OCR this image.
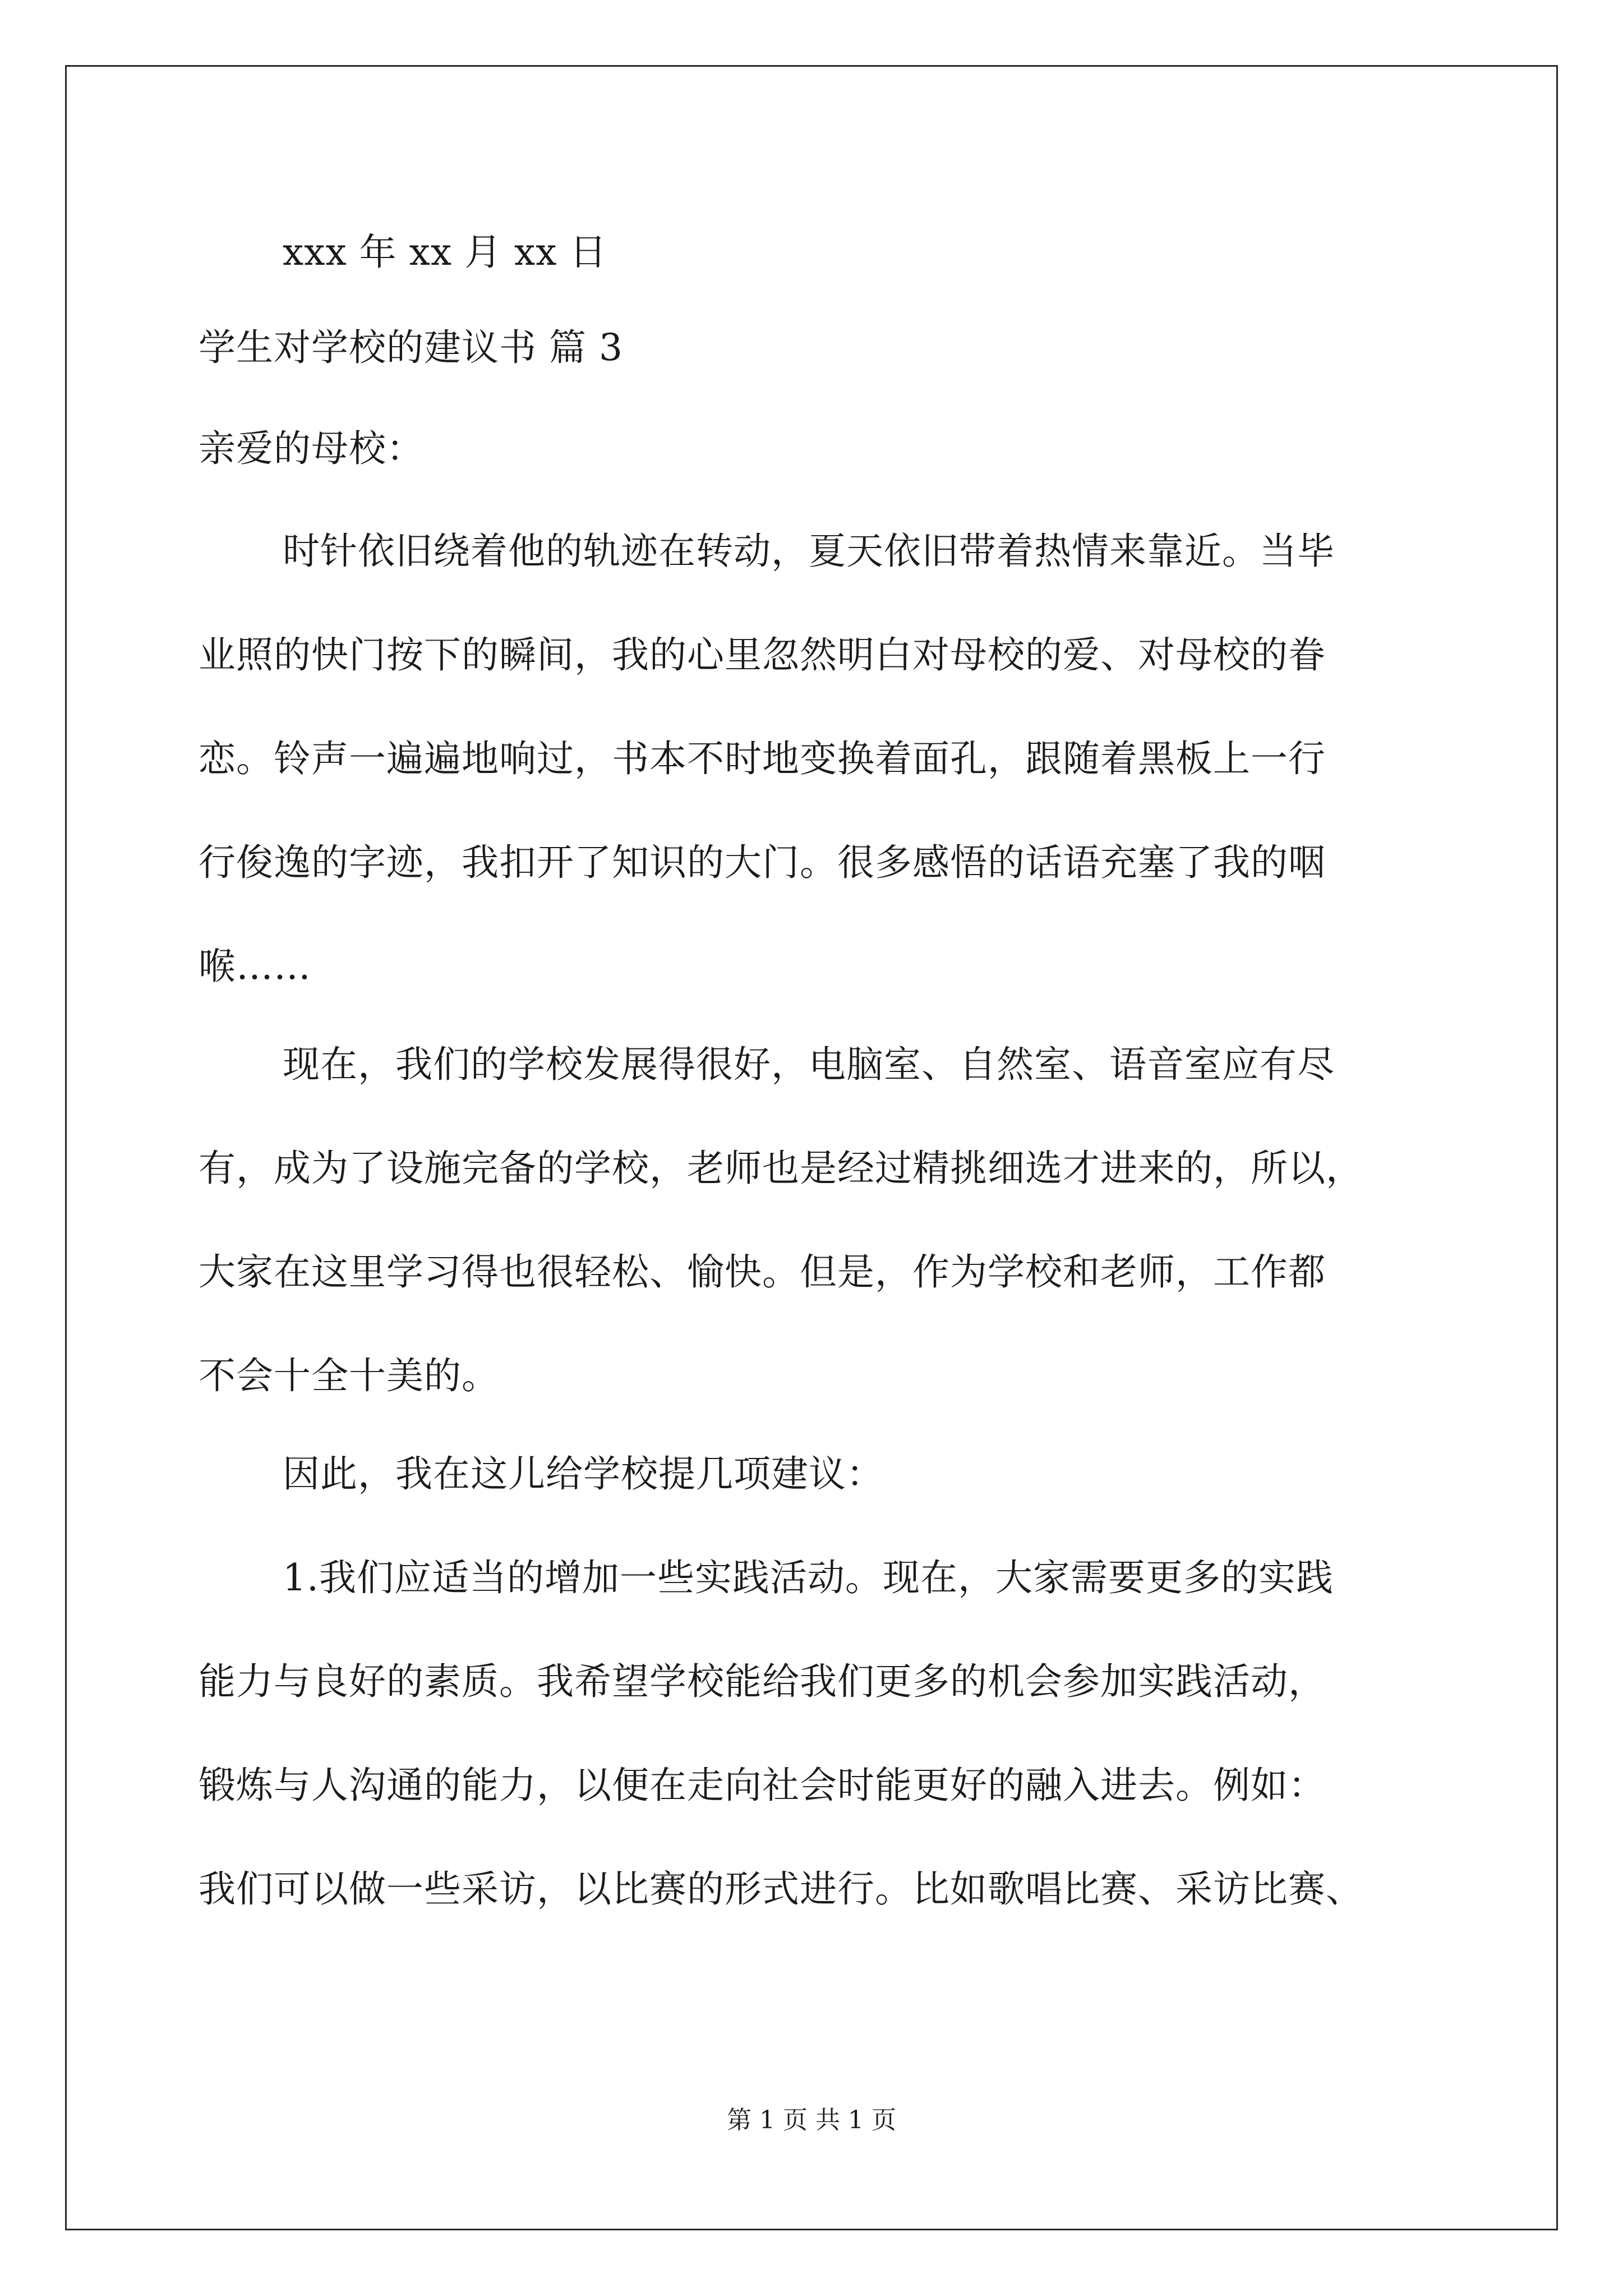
xxx 年 xx 月 xx 日
学生对学校的建议书 篇 3
亲爱的母校：
时针依旧绕着他的轨迹在转动，夏天依旧带着热情来靠近。当毕
业照的快门按下的瞬间，我的心里忽然明白对母校的爱、对母校的眷
恋。铃声一遍遍地响过，书本不时地变换着面孔，跟随着黑板上一行
行俊逸的字迹，我扣开了知识的大门。很多感悟的话语充塞了我的咽
喉……
现在，我们的学校发展得很好，电脑室、自然室、语音室应有尽
有，成为了设施完备的学校，老师也是经过精挑细选才进来的，所以，
大家在这里学习得也很轻松、愉快。但是，作为学校和老师，工作都
不会十全十美的。
因此，我在这儿给学校提几项建议：
1.我们应适当的增加一些实践活动。现在，大家需要更多的实践
能力与良好的素质。我希望学校能给我们更多的机会参加实践活动，
锻炼与人沟通的能力，以便在走向社会时能更好的融入进去。例如：
我们可以做一些采访，以比赛的形式进行。比如歌唱比赛、采访比赛、
第 1 页 共 1 页
